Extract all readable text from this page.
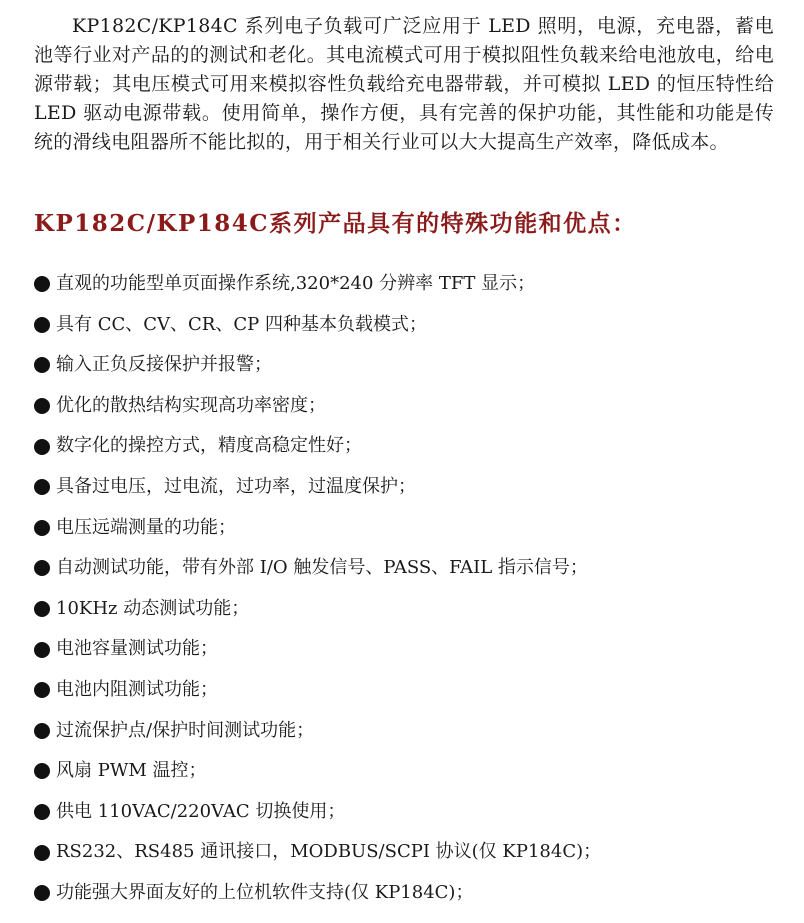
KP182C/KP184C 系列电子负载可广泛应用于 LED 照明，电源，充电器，蓄电池等行业对产品的的测试和老化。其电流模式可用于模拟阻性负载来给电池放电，给电源带载；其电压模式可用来模拟容性负载给充电器带载，并可模拟 LED 的恒压特性给 LED 驱动电源带载。使用简单，操作方便，具有完善的保护功能，其性能和功能是传统的滑线电阻器所不能比拟的，用于相关行业可以大大提高生产效率，降低成本。

KP182C/KP184C系列产品具有的特殊功能和优点：
直观的功能型单页面操作系统,320*240 分辨率 TFT 显示；
具有 CC、CV、CR、CP 四种基本负载模式；
输入正负反接保护并报警；
优化的散热结构实现高功率密度；
数字化的操控方式，精度高稳定性好；
具备过电压，过电流，过功率，过温度保护；
电压远端测量的功能；
自动测试功能，带有外部 I/O 触发信号、PASS、FAIL 指示信号；
10KHz 动态测试功能；
电池容量测试功能；
电池内阻测试功能；
过流保护点/保护时间测试功能；
风扇 PWM 温控；
供电 110VAC/220VAC 切换使用；
RS232、RS485 通讯接口，MODBUS/SCPI 协议(仅 KP184C)；
功能强大界面友好的上位机软件支持(仅 KP184C)；
